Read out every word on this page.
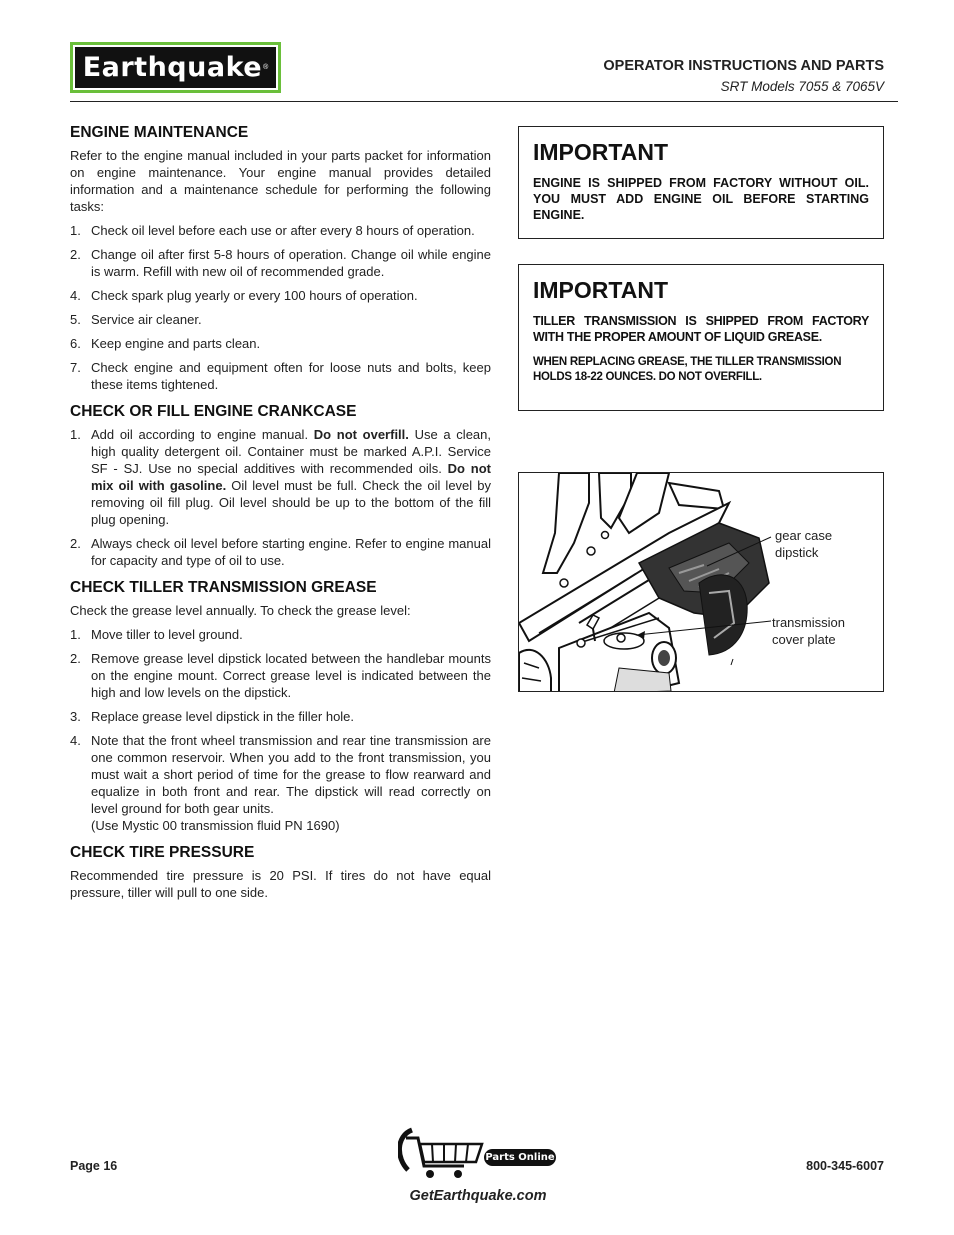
Earthquake ®	OPERATOR INSTRUCTIONS AND PARTS
SRT Models 7055 & 7065V
ENGINE MAINTENANCE

Refer to the engine manual included in your parts packet for information on engine maintenance. Your engine manual provides detailed information and a maintenance schedule for performing the following tasks:

1. Check oil level before each use or after every 8 hours of operation.
2. Change oil after first 5-8 hours of operation. Change oil while engine is warm. Refill with new oil of recommended grade.
4. Check spark plug yearly or every 100 hours of operation.
5. Service air cleaner.
6. Keep engine and parts clean.
7. Check engine and equipment often for loose nuts and bolts, keep these items tightened.
CHECK OR FILL ENGINE CRANKCASE
1. Add oil according to engine manual. Do not overfill. Use a clean, high quality detergent oil. Container must be marked A.P.I. Service SF - SJ. Use no special additives with recommended oils. Do not mix oil with gasoline. Oil level must be full. Check the oil level by removing oil fill plug. Oil level should be up to the bottom of the fill plug opening.
2. Always check oil level before starting engine. Refer to engine manual for capacity and type of oil to use.
CHECK TILLER TRANSMISSION GREASE

Check the grease level annually. To check the grease level:

1. Move tiller to level ground.
2. Remove grease level dipstick located between the handlebar mounts on the engine mount. Correct grease level is indicated between the high and low levels on the dipstick.
3. Replace grease level dipstick in the filler hole.
4. Note that the front wheel transmission and rear tine transmission are one common reservoir. When you add to the front transmission, you must wait a short period of time for the grease to flow rearward and equalize in both front and rear. The dipstick will read correctly on level ground for both gear units.

(Use Mystic 00 transmission fluid PN 1690)
CHECK TIRE PRESSURE

Recommended tire pressure is 20 PSI. If tires do not have equal pressure, tiller will pull to one side.

IMPORTANT
ENGINE IS SHIPPED FROM FACTORY WITHOUT OIL. YOU MUST ADD ENGINE OIL BEFORE STARTING ENGINE.
IMPORTANT
TILLER TRANSMISSION IS SHIPPED FROM FACTORY WITH THE PROPER AMOUNT OF LIQUID GREASE.
WHEN REPLACING GREASE, THE TILLER TRANSMISSION HOLDS 18-22 OUNCES. DO NOT OVERFILL.
gear case
dipstick
transmission
cover plate
Page 16	800-345-6007
Parts Online
GetEarthquake.com
